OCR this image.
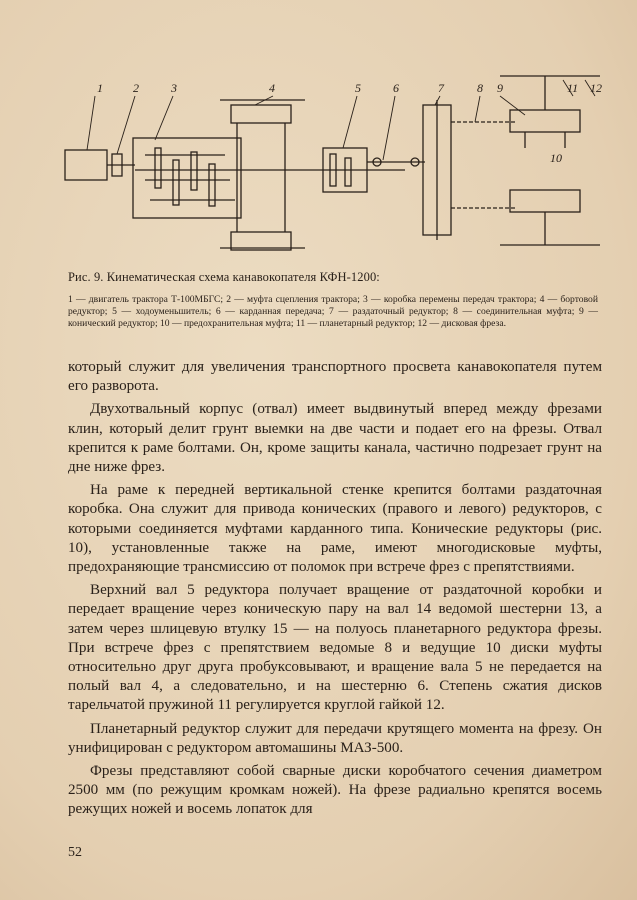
1	2	3	4	5	6	7	8 9
10
11 12
Рис. 9. Кинематическая схема канавокопателя КФН-1200:
1 — двигатель трактора Т-100МБГС; 2 — муфта сцепления трактора; 3 — коробка перемены передач трактора; 4 — бортовой редуктор; 5 — ходоуменьшитель; 6 — карданная передача; 7 — раздаточный редуктор; 8 — соединительная муфта; 9 — конический редуктор; 10 — предохранительная муфта; 11 — планетарный редуктор; 12 — дисковая фреза.

который служит для увеличения транспортного просвета канавокопателя путем его разворота.

Двухотвальный корпус (отвал) имеет выдвинутый вперед между фрезами клин, который делит грунт выемки на две части и подает его на фрезы. Отвал крепится к раме болтами. Он, кроме защиты канала, частично подрезает грунт на дне ниже фрез.

На раме к передней вертикальной стенке крепится болтами раздаточная коробка. Она служит для привода конических (правого и левого) редукторов, с которыми соединяется муфтами карданного типа. Конические редукторы (рис. 10), установленные также на раме, имеют многодисковые муфты, предохраняющие трансмиссию от поломок при встрече фрез с препятствиями.

Верхний вал 5 редуктора получает вращение от раздаточной коробки и передает вращение через коническую пару на вал 14 ведомой шестерни 13, а затем через шлицевую втулку 15 — на полуось планетарного редуктора фрезы. При встрече фрез с препятствием ведомые 8 и ведущие 10 диски муфты относительно друг друга пробуксовывают, и вращение вала 5 не передается на полый вал 4, а следовательно, и на шестерню 6. Степень сжатия дисков тарельчатой пружиной 11 регулируется круглой гайкой 12.

Планетарный редуктор служит для передачи крутящего момента на фрезу. Он унифицирован с редуктором автомашины МАЗ-500.

Фрезы представляют собой сварные диски коробчатого сечения диаметром 2500 мм (по режущим кромкам ножей). На фрезе радиально крепятся восемь режущих ножей и восемь лопаток для

52
